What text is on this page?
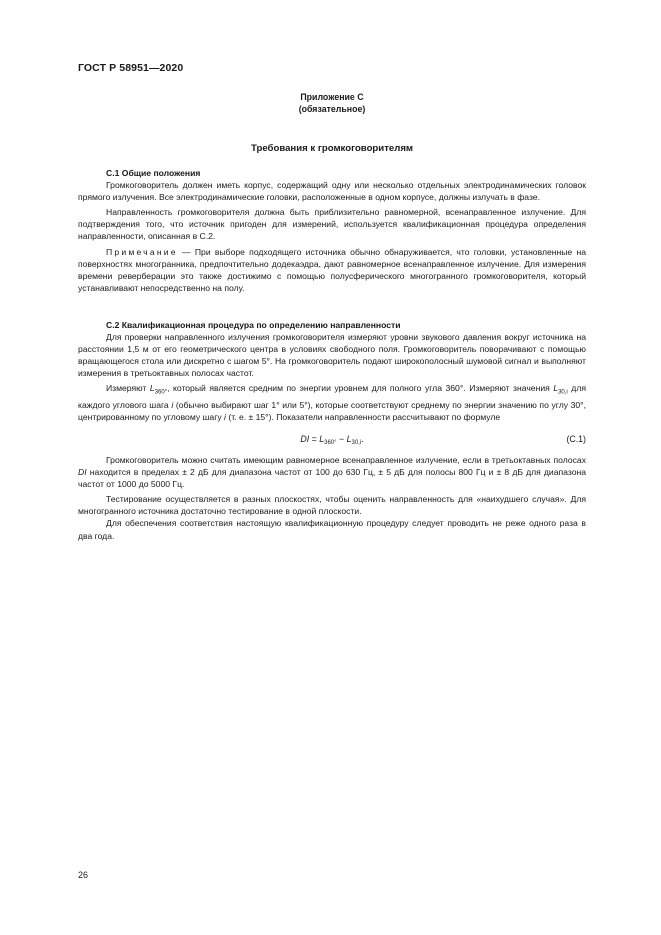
ГОСТ Р 58951—2020
Приложение С
(обязательное)
Требования к громкоговорителям

С.1 Общие положения

Громкоговоритель должен иметь корпус, содержащий одну или несколько отдельных электродинамических головок прямого излучения. Все электродинамические головки, расположенные в одном корпусе, должны излучать в фазе.

Направленность громкоговорителя должна быть приблизительно равномерной, всенаправленное излучение. Для подтверждения того, что источник пригоден для измерений, используется квалификационная процедура определения направленности, описанная в С.2.

Примечание — При выборе подходящего источника обычно обнаруживается, что головки, установленные на поверхностях многогранника, предпочтительно додекаэдра, дают равномерное всенаправленное излучение. Для измерения времени реверберации это также достижимо с помощью полусферического многогранного громкоговорителя, который устанавливают непосредственно на полу.

С.2 Квалификационная процедура по определению направленности

Для проверки направленного излучения громкоговорителя измеряют уровни звукового давления вокруг источника на расстоянии 1,5 м от его геометрического центра в условиях свободного поля. Громкоговоритель поворачивают с помощью вращающегося стола или дискретно с шагом 5°. На громкоговоритель подают широкополосный шумовой сигнал и выполняют измерения в третьоктавных полосах частот.

Измеряют $L_{360^\circ}$, который является средним по энергии уровнем для полного угла 360°. Измеряют значения $L_{30,i}$ для каждого углового шага i (обычно выбирают шаг 1° или 5°), которые соответствуют среднему по энергии значению по углу 30°, центрированному по угловому шагу i (т. е. ± 15°). Показатели направленности рассчитывают по формуле

DI = $L_{360^\circ} - L_{30,i}$.	(С.1)

Громкоговоритель можно считать имеющим равномерное всенаправленное излучение, если в третьоктавных полосах DI находится в пределах ± 2 дБ для диапазона частот от 100 до 630 Гц, ± 5 дБ для полосы 800 Гц и ± 8 дБ для диапазона частот от 1000 до 5000 Гц.

Тестирование осуществляется в разных плоскостях, чтобы оценить направленность для «наихудшего случая». Для многогранного источника достаточно тестирование в одной плоскости.

Для обеспечения соответствия настоящую квалификационную процедуру следует проводить не реже одного раза в два года.

26
